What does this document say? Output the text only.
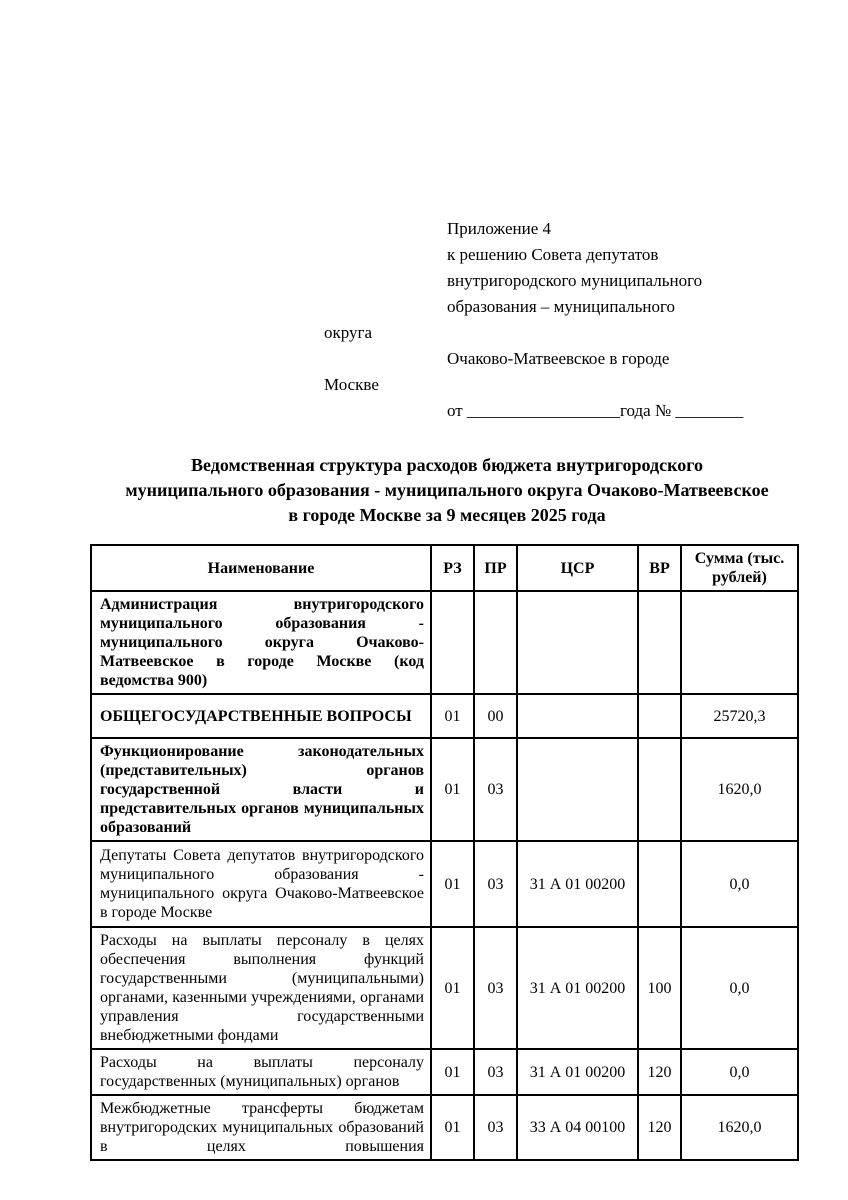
Приложение 4
к решению Совета депутатов
внутригородского муниципального
образования – муниципального
округа
Очаково-Матвеевское в городе
Москве
от __________________года № ________
Ведомственная структура расходов бюджета внутригородского
муниципального образования - муниципального округа Очаково-Матвеевское
в городе Москве за 9 месяцев 2025 года
Наименование	РЗ	ПР	ЦСР	ВР	Сумма (тыс. рублей)
Администрация внутригородского муниципального образования - муниципального округа Очаково-Матвеевское в городе Москве (код ведомства 900)					
ОБЩЕГОСУДАРСТВЕННЫЕ ВОПРОСЫ	01	00			25720,3
Функционирование законодательных (представительных) органов государственной власти и представительных органов муниципальных образований	01	03			1620,0
Депутаты Совета депутатов внутригородского муниципального образования - муниципального округа Очаково-Матвеевское в городе Москве	01	03	31 А 01 00200		0,0
Расходы на выплаты персоналу в целях обеспечения выполнения функций государственными (муниципальными) органами, казенными учреждениями, органами управления государственными внебюджетными фондами	01	03	31 А 01 00200	100	0,0
Расходы на выплаты персоналу государственных (муниципальных) органов	01	03	31 А 01 00200	120	0,0
Межбюджетные трансферты бюджетам внутригородских муниципальных образований в целях повышения	01	03	33 А 04 00100	120	1620,0
